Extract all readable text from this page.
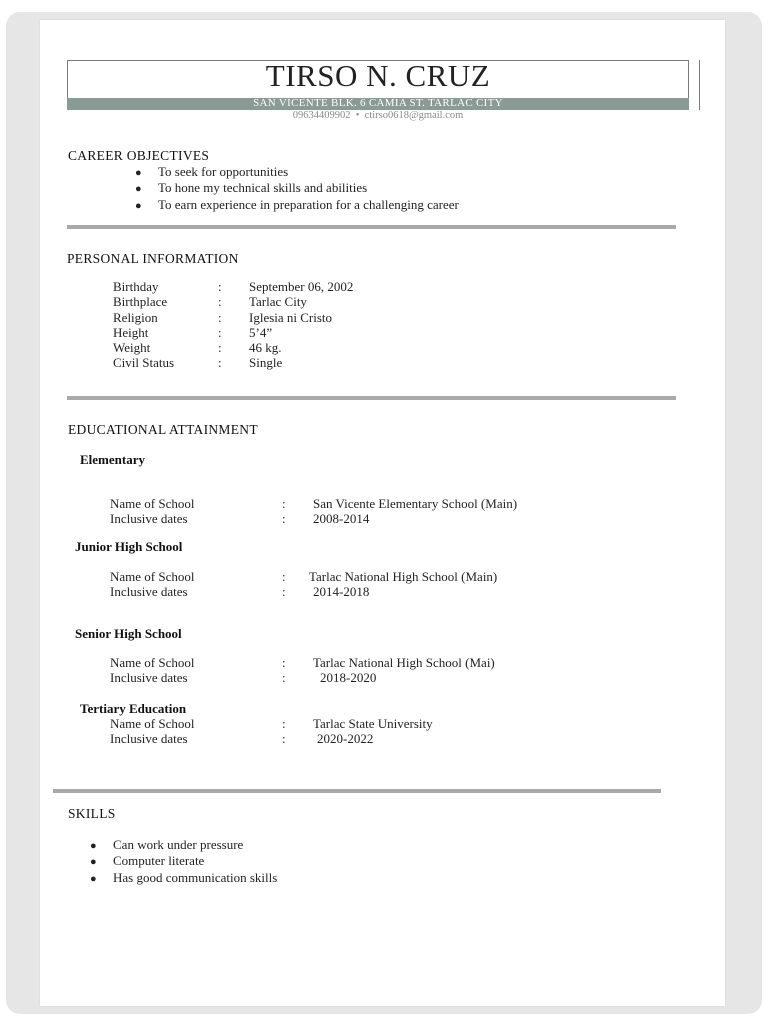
TIRSO N. CRUZ
SAN VICENTE BLK. 6 CAMIA ST. TARLAC CITY
09634409902 • ctirso0618@gmail.com
CAREER OBJECTIVES
● To seek for opportunities
● To hone my technical skills and abilities
● To earn experience in preparation for a challenging career
PERSONAL INFORMATION
Birthday	: September 06, 2002
Birthplace	: Tarlac City
Religion	: Iglesia ni Cristo
Height	: 5’4”
Weight	: 46 kg.
Civil Status	: Single
EDUCATIONAL ATTAINMENT
Elementary
Name of School	: San Vicente Elementary School (Main)
Inclusive dates	: 2008-2014
Junior High School
Name of School	: Tarlac National High School (Main)
Inclusive dates	: 2014-2018
Senior High School
Name of School	: Tarlac National High School (Mai)
Inclusive dates	:	2018-2020
Tertiary Education
Name of School	: Tarlac State University
Inclusive dates	: 2020-2022
SKILLS
● Can work under pressure
● Computer literate
● Has good communication skills
